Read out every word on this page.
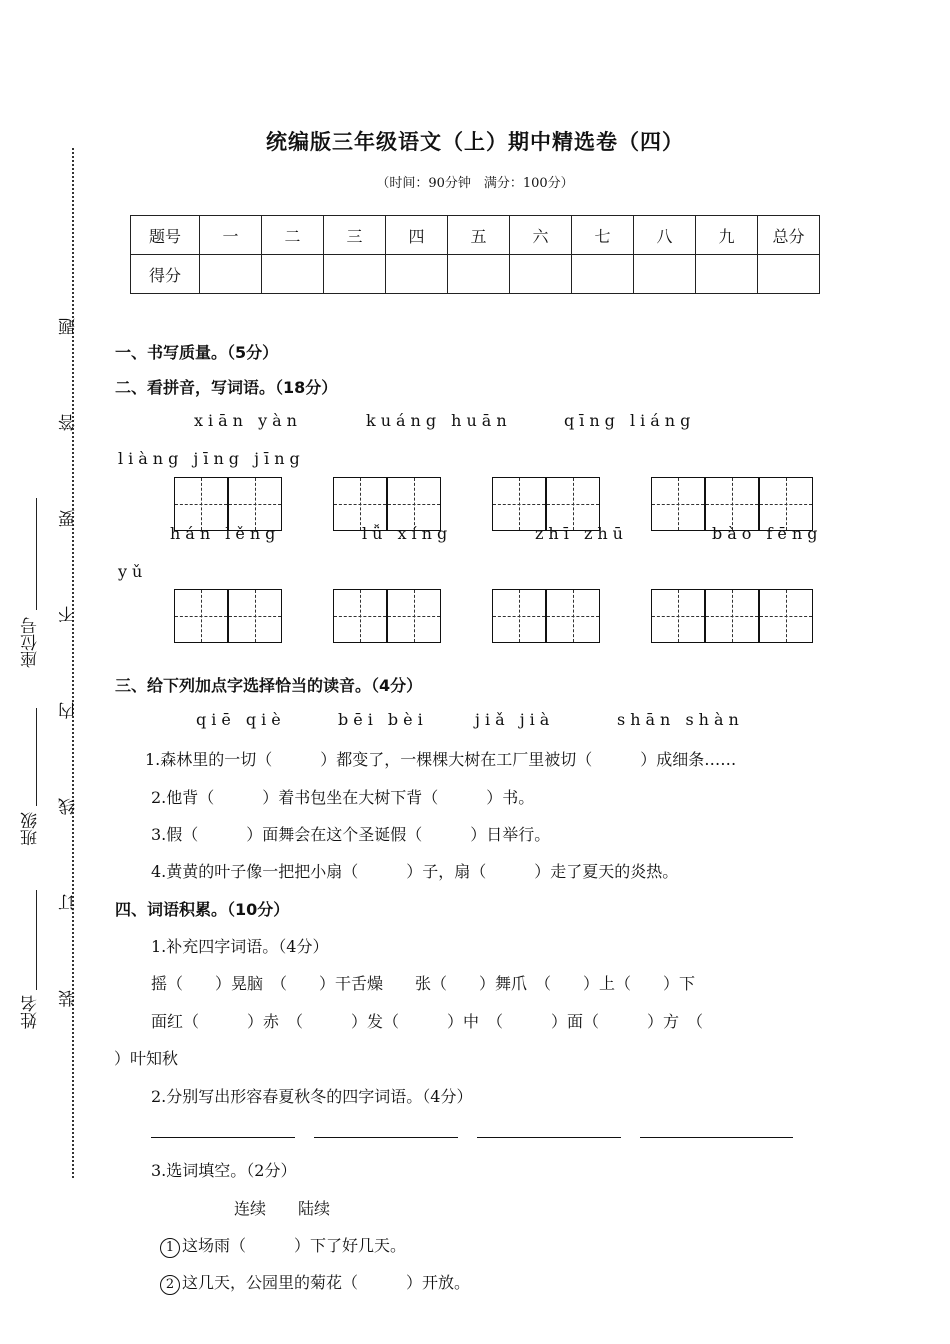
统编版三年级语文（上）期中精选卷（四）
（时间：90分钟　满分：100分）
题号	一	二	三	四	五	六	七	八	九	总分
得分										
题
答
要
不
内
线
订
装
座位号
班级
姓名
一、书写质量。（5分）
二、看拼音，写词语。（18分）
xiān yàn	kuáng huān	qīng liáng
liàng jīng jīng
hán lěng	lǚ xíng	zhī zhū	bào fēng
yǔ
三、给下列加点字选择恰当的读音。（4分）
qiē qiè	bēi bèi	jiǎ jià	shān shàn
1.森林里的一切（　　　）都变了，一棵棵大树在工厂里被切（　　　）成细条……
2.他背（　　　）着书包坐在大树下背（　　　）书。
3.假（　　　）面舞会在这个圣诞假（　　　）日举行。
4.黄黄的叶子像一把把小扇（　　　）子，扇（　　　）走了夏天的炎热。
四、词语积累。（10分）
1.补充四字词语。（4分）
摇（　　）晃脑　（　　）干舌燥　　张（　　）舞爪　（　　）上（　　）下
面红（　　　）赤　（　　　）发（　　　）中　（　　　）面（　　　）方　（
）叶知秋
2.分别写出形容春夏秋冬的四字词语。（4分）
3.选词填空。（2分）
连续　　陆续
1 这场雨（　　　）下了好几天。
2 这几天，公园里的菊花（　　　）开放。
